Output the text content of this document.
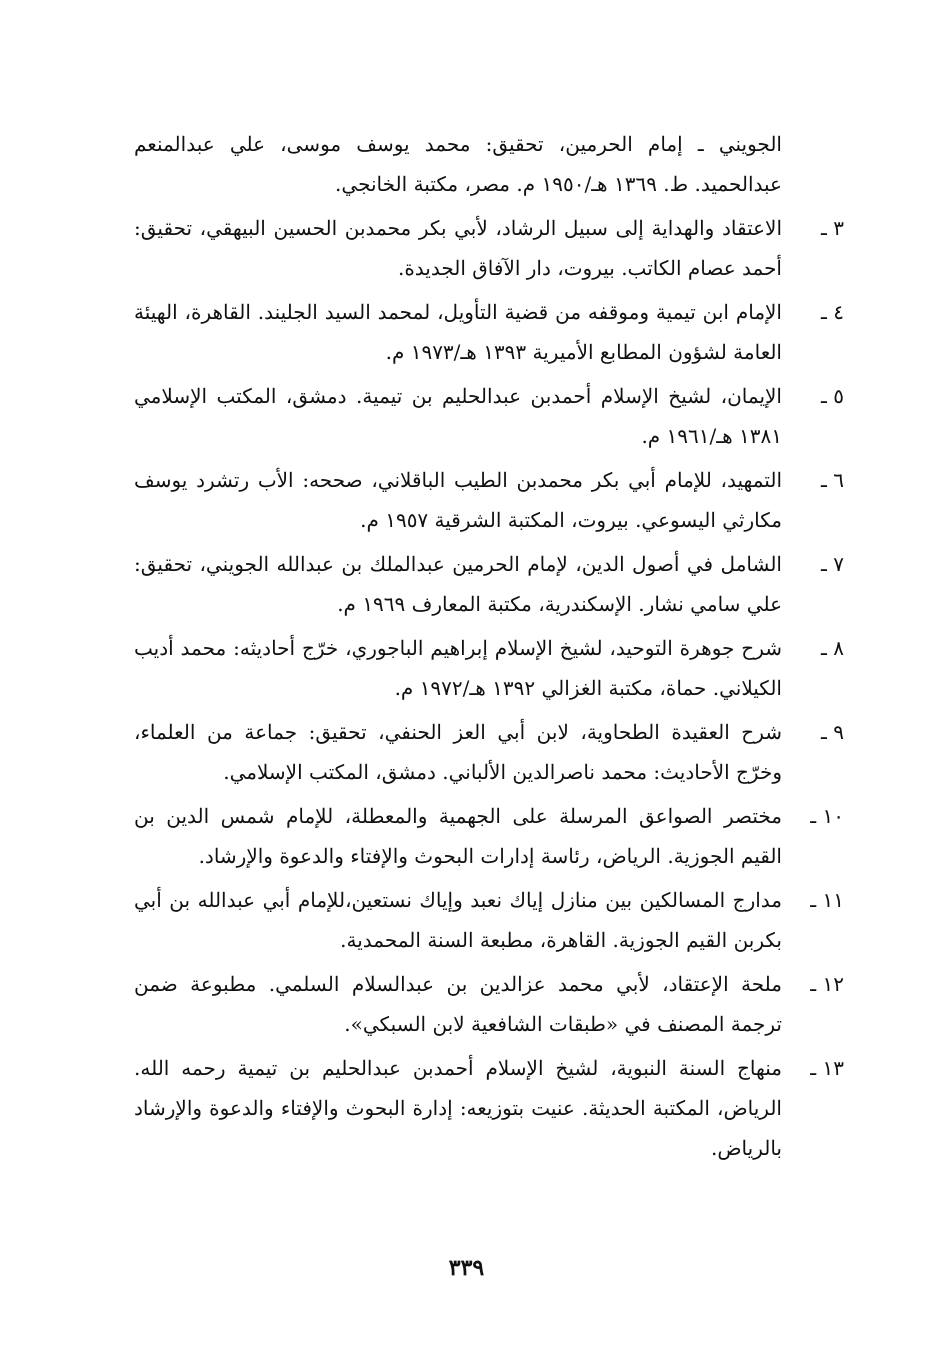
الجويني ـ إمام الحرمين، تحقيق: محمد يوسف موسى، علي عبدالمنعم عبدالحميد. ط. ١٣٦٩ هـ/١٩٥٠ م. مصر، مكتبة الخانجي.
٣ ـ
الاعتقاد والهداية إلى سبيل الرشاد، لأبي بكر محمدبن الحسين البيهقي، تحقيق: أحمد عصام الكاتب. بيروت، دار الآفاق الجديدة.
٤ ـ
الإمام ابن تيمية وموقفه من قضية التأويل، لمحمد السيد الجليند. القاهرة، الهيئة العامة لشؤون المطابع الأميرية ١٣٩٣ هـ/١٩٧٣ م.
٥ ـ
الإيمان، لشيخ الإسلام أحمدبن عبدالحليم بن تيمية. دمشق، المكتب الإسلامي ١٣٨١ هـ/١٩٦١ م.
٦ ـ
التمهيد، للإمام أبي بكر محمدبن الطيب الباقلاني، صححه: الأب رتشرد يوسف مكارثي اليسوعي. بيروت، المكتبة الشرقية ١٩٥٧ م.
٧ ـ
الشامل في أصول الدين، لإمام الحرمين عبدالملك بن عبدالله الجويني، تحقيق: علي سامي نشار. الإسكندرية، مكتبة المعارف ١٩٦٩ م.
٨ ـ
شرح جوهرة التوحيد، لشيخ الإسلام إبراهيم الباجوري، خرّج أحاديثه: محمد أديب الكيلاني. حماة، مكتبة الغزالي ١٣٩٢ هـ/١٩٧٢ م.
٩ ـ
شرح العقيدة الطحاوية، لابن أبي العز الحنفي، تحقيق: جماعة من العلماء، وخرّج الأحاديث: محمد ناصرالدين الألباني. دمشق، المكتب الإسلامي.
١٠ ـ
مختصر الصواعق المرسلة على الجهمية والمعطلة، للإمام شمس الدين بن القيم الجوزية. الرياض، رئاسة إدارات البحوث والإفتاء والدعوة والإرشاد.
١١ ـ
مدارج المسالكين بين منازل إياك نعبد وإياك نستعين،للإمام أبي عبدالله بن أبي بكربن القيم الجوزية. القاهرة، مطبعة السنة المحمدية.
١٢ ـ
ملحة الإعتقاد، لأبي محمد عزالدين بن عبدالسلام السلمي. مطبوعة ضمن ترجمة المصنف في «طبقات الشافعية لابن السبكي».
١٣ ـ
منهاج السنة النبوية، لشيخ الإسلام أحمدبن عبدالحليم بن تيمية رحمه الله. الرياض، المكتبة الحديثة. عنيت بتوزيعه: إدارة البحوث والإفتاء والدعوة والإرشاد بالرياض.
٣٣٩
